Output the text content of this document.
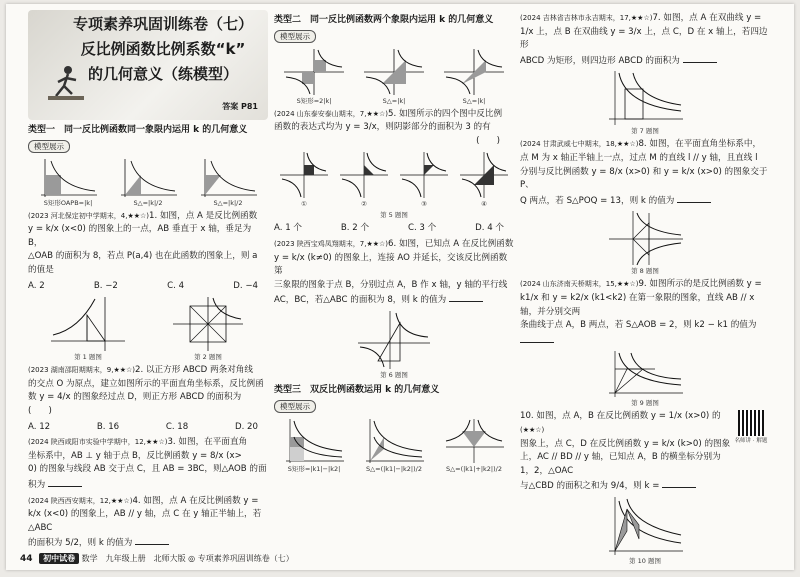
专项素养巩固训练卷（七）
反比例函数比例系数“k”
的几何意义（练模型）
答案 P81
类型一　同一反比例函数同一象限内运用 k 的几何意义
模型展示
S矩形OAPB=|k|	S△=|k|/2	S△=|k|/2
(2023 河北保定初中学期末，4,★★☆)1. 如图，点 A 是反比例函数
y = k/x (x<0) 的图象上的一点，AB 垂直于 x 轴，垂足为 B，
△OAB 的面积为 8，若点 P(a,4) 也在此函数的图象上，则 a
的值是
A. 2	B. −2	C. 4	D. −4
第 1 题图	第 2 题图
(2023 湖南邵阳期期末，9,★★☆)2. 以正方形 ABCD 两条对角线
的交点 O 为原点，建立如图所示的平面直角坐标系，反比例函
数 y = 4/x 的图象经过点 D，则正方形 ABCD 的面积为　(　　)
A. 12	B. 16	C. 18	D. 20
(2024 陕西咸阳市实验中学期中，12,★★☆)3. 如图，在平面直角
坐标系中，AB ⊥ y 轴于点 B，反比例函数 y = 8/x (x>
0) 的图象与线段 AB 交于点 C，且 AB = 3BC，则△AOB 的面
积为
(2024 陕西西安期末，12,★★☆)4. 如图，点 A 在反比例函数 y =
k/x (x<0) 的图象上，AB // y 轴，点 C 在 y 轴正半轴上，若△ABC
的面积为 5/2，则 k 的值为
类型二　同一反比例函数两个象限内运用 k 的几何意义
模型展示
S矩形=2|k|	S△=|k|	S△=|k|
(2024 山东泰安泰山期末，7,★★☆)5. 如图所示的四个图中反比例
函数的表达式均为 y = 3/x，则阴影部分的面积为 3 的有

(　　)

①	②	③	④
第 5 题图
A. 1 个	B. 2 个	C. 3 个	D. 4 个
(2023 陕西宝鸡凤翔期末，7,★★☆)6. 如图，已知点 A 在反比例函数
y = k/x (k≠0) 的图象上，连接 AO 并延长，交该反比例函数第
三象限的图象于点 B，分别过点 A，B 作 x 轴，y 轴的平行线
AC，BC，若△ABC 的面积为 8，则 k 的值为
第 6 题图
类型三　双反比例函数运用 k 的几何意义
模型展示
S矩形=|k1|−|k2|	S△=(|k1|−|k2|)/2	S△=(|k1|+|k2|)/2
(2024 吉林省吉林市永吉期末，17,★★☆)7. 如图，点 A 在双曲线 y =
1/x 上，点 B 在双曲线 y = 3/x 上，点 C，D 在 x 轴上，若四边形
ABCD 为矩形，则四边形 ABCD 的面积为
第 7 题图
(2024 甘肃武威七中期末，18,★★☆)8. 如图，在平面直角坐标系中，
点 M 为 x 轴正半轴上一点，过点 M 的直线 l // y 轴，且直线 l
分别与反比例函数 y = 8/x (x>0) 和 y = k/x (x>0) 的图象交于 P、
Q 两点，若 S△POQ = 13，则 k 的值为
第 8 题图
(2024 山东济南天桥期末，15,★★☆)9. 如图所示的是反比例函数 y =
k1/x 和 y = k2/x (k1<k2) 在第一象限的图象，直线 AB // x 轴，并分别交两
条曲线于点 A，B 两点，若 S△AOB = 2，则 k2 − k1 的值为
第 9 题图
10. 如图，点 A，B 在反比例函数 y = 1/x (x>0) 的(★★☆)
图象上，点 C，D 在反比例函数 y = k/x (k>0) 的图象
上，AC // BD // y 轴，已知点 A，B 的横坐标分别为 1，2，△OAC
与△CBD 的面积之和为 9/4，则 k =
名师讲 · 解题
第 10 题图
44 初中试卷 数学　九年级上册　北师大版 ◎ 专项素养巩固训练卷（七）
